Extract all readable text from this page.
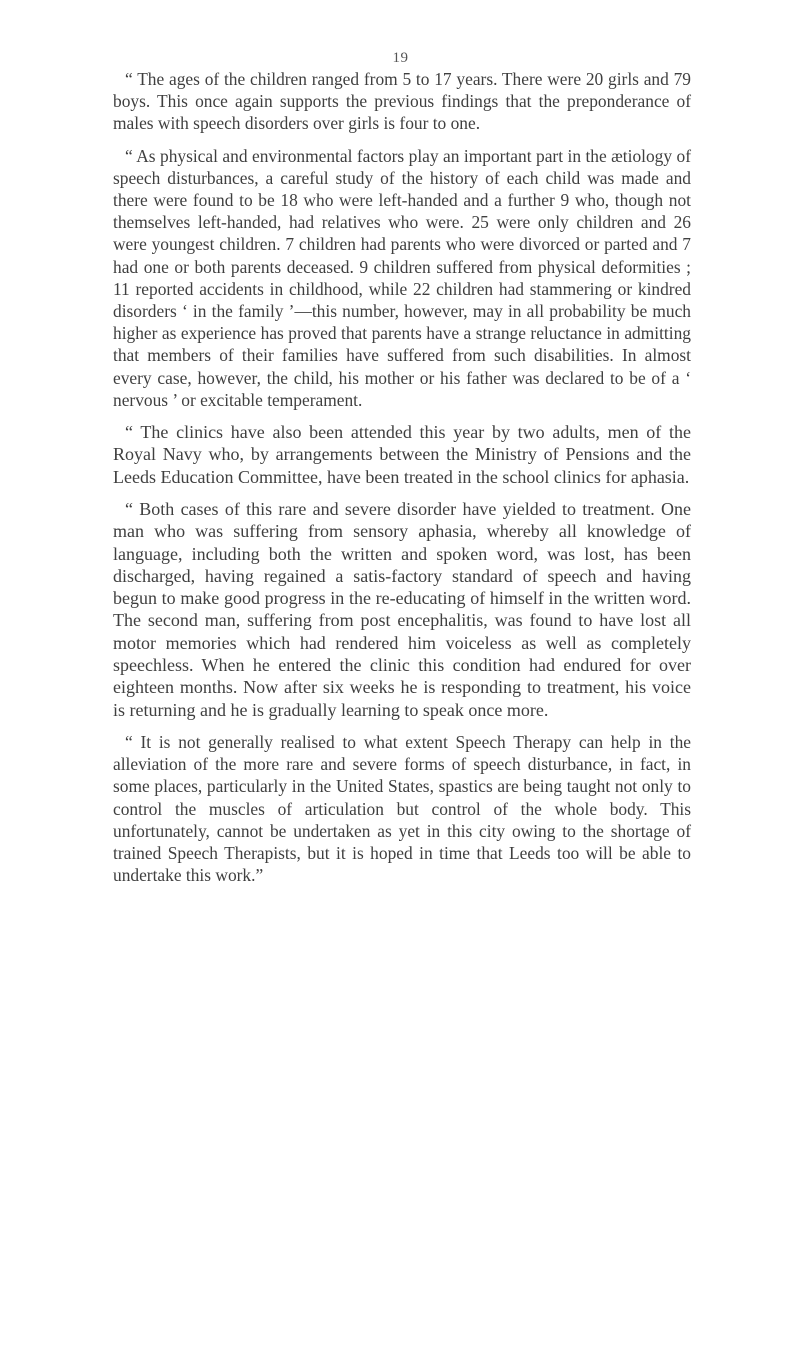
19

“ The ages of the children ranged from 5 to 17 years. There were 20 girls and 79 boys. This once again supports the previous findings that the preponderance of males with speech disorders over girls is four to one.

“ As physical and environmental factors play an important part in the ætiology of speech disturbances, a careful study of the history of each child was made and there were found to be 18 who were left-handed and a further 9 who, though not themselves left-handed, had relatives who were. 25 were only children and 26 were youngest children. 7 children had parents who were divorced or parted and 7 had one or both parents deceased. 9 children suffered from physical deformities ; 11 reported accidents in childhood, while 22 children had stammering or kindred disorders ‘ in the family ’—this number, however, may in all probability be much higher as experience has proved that parents have a strange reluctance in admitting that members of their families have suffered from such disabilities. In almost every case, however, the child, his mother or his father was declared to be of a ‘ nervous ’ or excitable temperament.

“ The clinics have also been attended this year by two adults, men of the Royal Navy who, by arrangements between the Ministry of Pensions and the Leeds Education Committee, have been treated in the school clinics for aphasia.

“ Both cases of this rare and severe disorder have yielded to treatment. One man who was suffering from sensory aphasia, whereby all knowledge of language, including both the written and spoken word, was lost, has been discharged, having regained a satis-factory standard of speech and having begun to make good progress in the re-educating of himself in the written word. The second man, suffering from post encephalitis, was found to have lost all motor memories which had rendered him voiceless as well as completely speechless. When he entered the clinic this condition had endured for over eighteen months. Now after six weeks he is responding to treatment, his voice is returning and he is gradually learning to speak once more.

“ It is not generally realised to what extent Speech Therapy can help in the alleviation of the more rare and severe forms of speech disturbance, in fact, in some places, particularly in the United States, spastics are being taught not only to control the muscles of articulation but control of the whole body. This unfortunately, cannot be undertaken as yet in this city owing to the shortage of trained Speech Therapists, but it is hoped in time that Leeds too will be able to undertake this work.”
